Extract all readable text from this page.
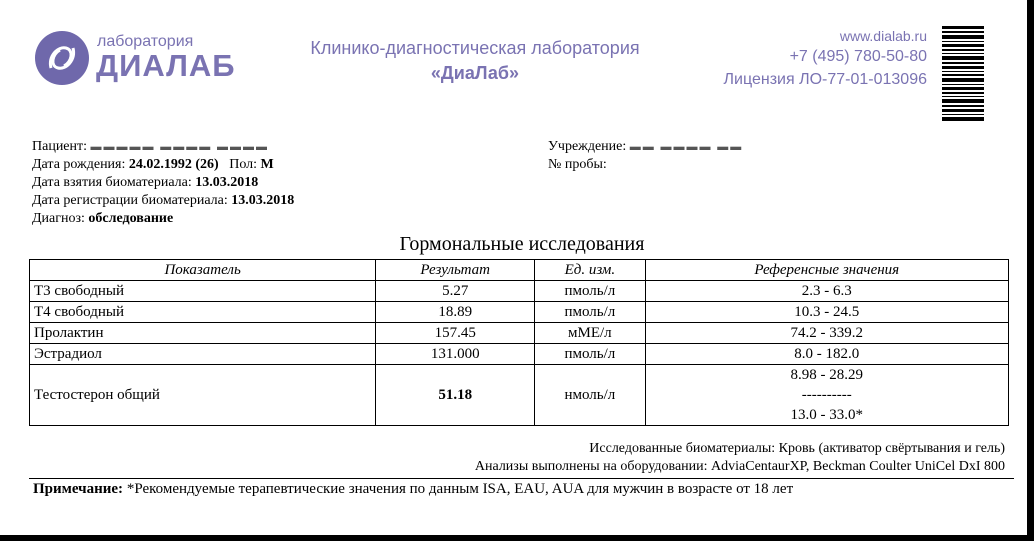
лаборатория
ДИАЛАБ	Клинико-диагностическая лаборатория
«ДиаЛаб»
www.dialab.ru
+7 (495) 780-50-80
Лицензия ЛО-77-01-013096
Пациент: ▬▬▬▬▬ ▬▬▬▬ ▬▬▬▬
Дата рождения: 24.02.1992 (26) Пол: М
Дата взятия биоматериала: 13.03.2018
Дата регистрации биоматериала: 13.03.2018
Диагноз: обследование
Учреждение: ▬▬ ▬▬▬▬ ▬▬
№ пробы:
Гормональные исследования
Показатель	Результат	Ед. изм.	Референсные значения
Т3 свободный	5.27	пмоль/л	2.3 - 6.3
Т4 свободный	18.89	пмоль/л	10.3 - 24.5
Пролактин	157.45	мМЕ/л	74.2 - 339.2
Эстрадиол	131.000	пмоль/л	8.0 - 182.0
Тестостерон общий	51.18	нмоль/л	8.98 - 28.29
----------
13.0 - 33.0*
Исследованные биоматериалы: Кровь (активатор свёртывания и гель)
Анализы выполнены на оборудовании: AdviaCentaurXP, Beckman Coulter UniCel DxI 800
Примечание: *Рекомендуемые терапевтические значения по данным ISA, EAU, AUA для мужчин в возрасте от 18 лет
